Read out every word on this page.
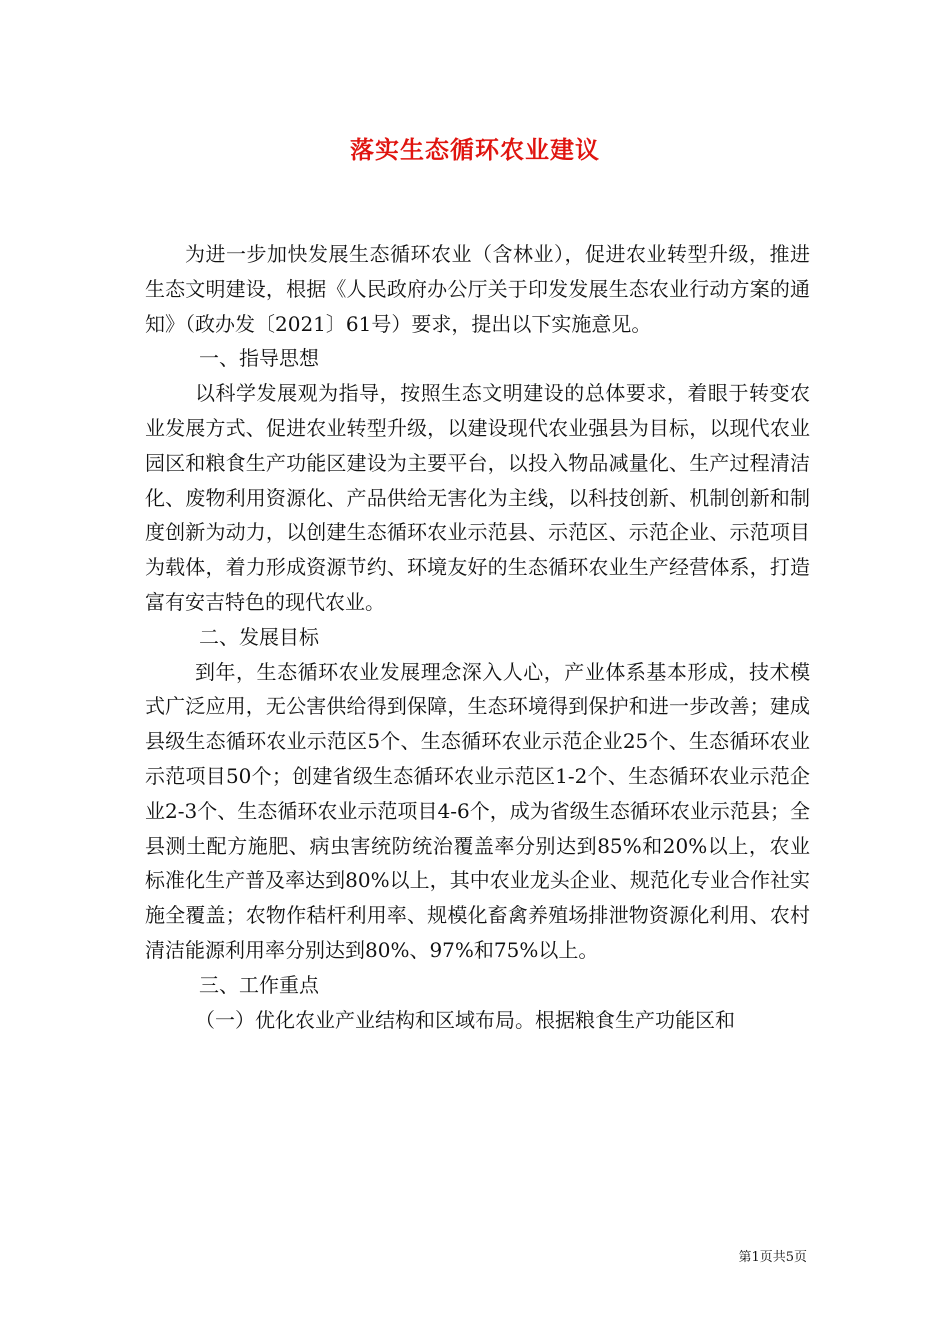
落实生态循环农业建议

为进一步加快发展生态循环农业（含林业），促进农业转型升级，推进生态文明建设，根据《人民政府办公厅关于印发发展生态农业行动方案的通知》（政办发〔2021〕61号）要求，提出以下实施意见。

一、指导思想

以科学发展观为指导，按照生态文明建设的总体要求，着眼于转变农业发展方式、促进农业转型升级，以建设现代农业强县为目标，以现代农业园区和粮食生产功能区建设为主要平台，以投入物品减量化、生产过程清洁化、废物利用资源化、产品供给无害化为主线，以科技创新、机制创新和制度创新为动力，以创建生态循环农业示范县、示范区、示范企业、示范项目为载体，着力形成资源节约、环境友好的生态循环农业生产经营体系，打造富有安吉特色的现代农业。

二、发展目标

到年，生态循环农业发展理念深入人心，产业体系基本形成，技术模式广泛应用，无公害供给得到保障，生态环境得到保护和进一步改善；建成县级生态循环农业示范区5个、生态循环农业示范企业25个、生态循环农业示范项目50个；创建省级生态循环农业示范区1-2个、生态循环农业示范企业2-3个、生态循环农业示范项目4-6个，成为省级生态循环农业示范县；全县测土配方施肥、病虫害统防统治覆盖率分别达到85%和20%以上，农业标准化生产普及率达到80%以上，其中农业龙头企业、规范化专业合作社实施全覆盖；农物作秸杆利用率、规模化畜禽养殖场排泄物资源化利用、农村清洁能源利用率分别达到80%、97%和75%以上。

三、工作重点

（一）优化农业产业结构和区域布局。根据粮食生产功能区和

第1页共5页
